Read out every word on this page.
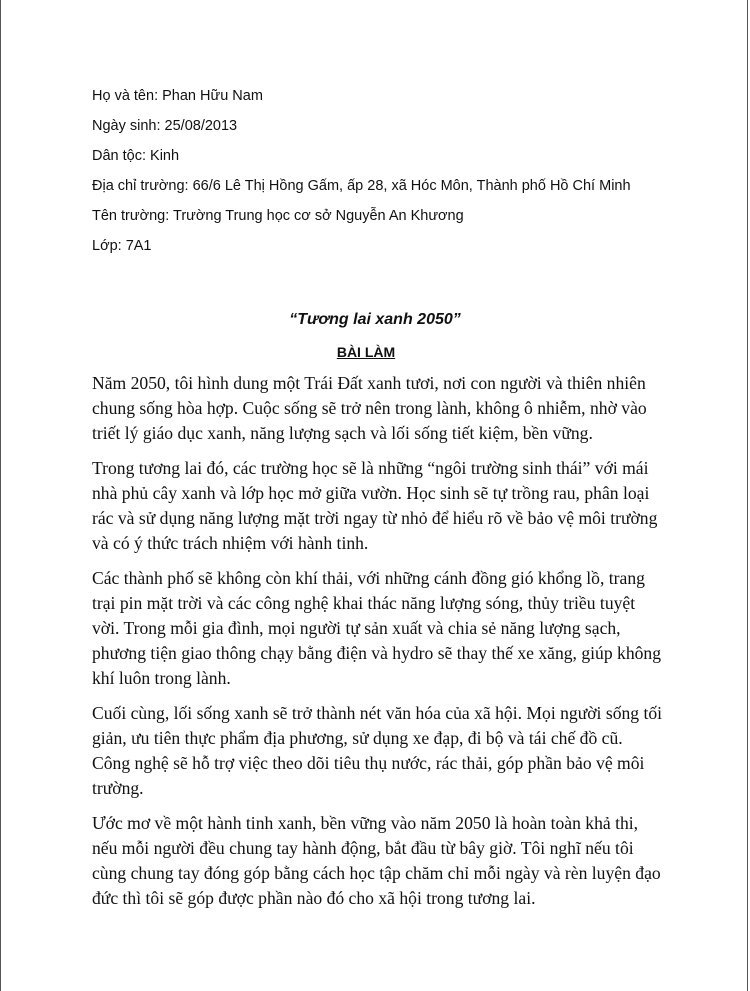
Họ và tên: Phan Hữu Nam
Ngày sinh: 25/08/2013
Dân tộc: Kinh
Địa chỉ trường: 66/6 Lê Thị Hồng Gấm, ấp 28, xã Hóc Môn, Thành phố Hồ Chí Minh
Tên trường: Trường Trung học cơ sở Nguyễn An Khương
Lớp: 7A1
“Tương lai xanh 2050”
BÀI LÀM

Năm 2050, tôi hình dung một Trái Đất xanh tươi, nơi con người và thiên nhiên chung sống hòa hợp. Cuộc sống sẽ trở nên trong lành, không ô nhiễm, nhờ vào triết lý giáo dục xanh, năng lượng sạch và lối sống tiết kiệm, bền vững.

Trong tương lai đó, các trường học sẽ là những “ngôi trường sinh thái” với mái nhà phủ cây xanh và lớp học mở giữa vườn. Học sinh sẽ tự trồng rau, phân loại rác và sử dụng năng lượng mặt trời ngay từ nhỏ để hiểu rõ về bảo vệ môi trường và có ý thức trách nhiệm với hành tinh.

Các thành phố sẽ không còn khí thải, với những cánh đồng gió khổng lồ, trang trại pin mặt trời và các công nghệ khai thác năng lượng sóng, thủy triều tuyệt vời. Trong mỗi gia đình, mọi người tự sản xuất và chia sẻ năng lượng sạch, phương tiện giao thông chạy bằng điện và hydro sẽ thay thế xe xăng, giúp không khí luôn trong lành.

Cuối cùng, lối sống xanh sẽ trở thành nét văn hóa của xã hội. Mọi người sống tối giản, ưu tiên thực phẩm địa phương, sử dụng xe đạp, đi bộ và tái chế đồ cũ. Công nghệ sẽ hỗ trợ việc theo dõi tiêu thụ nước, rác thải, góp phần bảo vệ môi trường.

Ước mơ về một hành tinh xanh, bền vững vào năm 2050 là hoàn toàn khả thi, nếu mỗi người đều chung tay hành động, bắt đầu từ bây giờ. Tôi nghĩ nếu tôi cùng chung tay đóng góp bằng cách học tập chăm chỉ mỗi ngày và rèn luyện đạo đức thì tôi sẽ góp được phần nào đó cho xã hội trong tương lai.
